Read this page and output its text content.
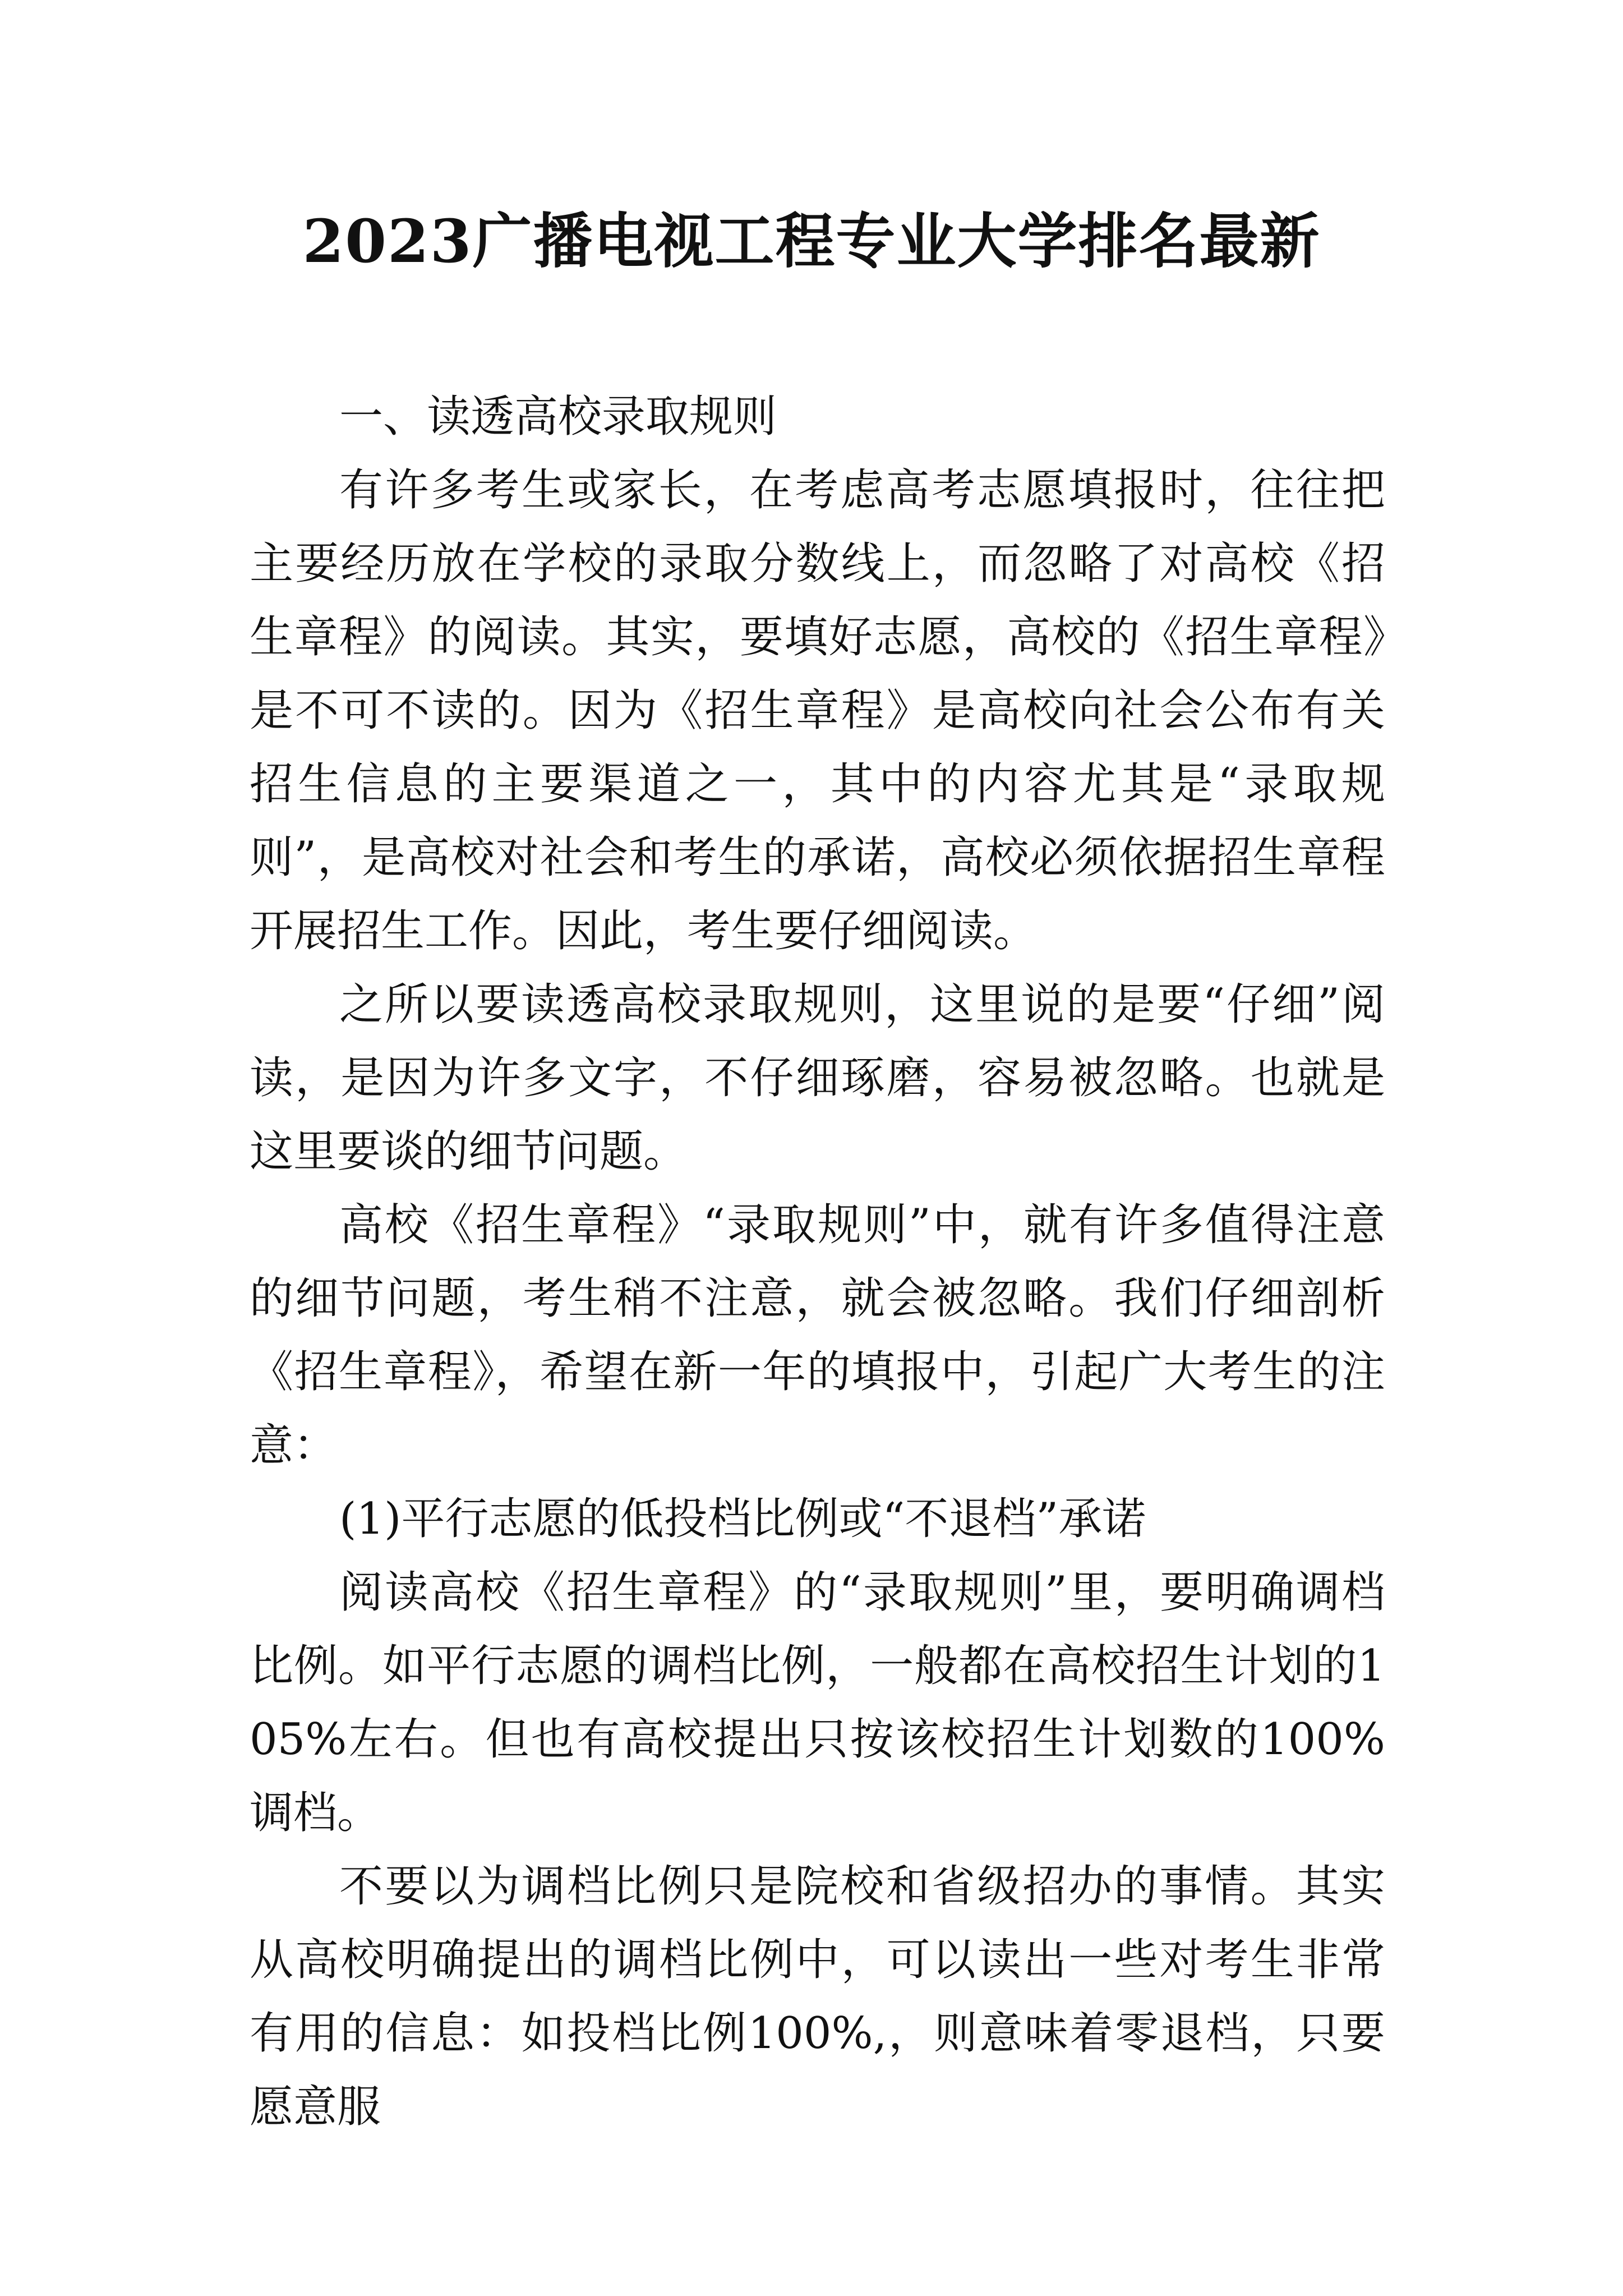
2023广播电视工程专业大学排名最新

一、读透高校录取规则

有许多考生或家长，在考虑高考志愿填报时，往往把主要经历放在学校的录取分数线上，而忽略了对高校《招生章程》的阅读。其实，要填好志愿，高校的《招生章程》是不可不读的。因为《招生章程》是高校向社会公布有关招生信息的主要渠道之一，其中的内容尤其是“录取规则”，是高校对社会和考生的承诺，高校必须依据招生章程开展招生工作。因此，考生要仔细阅读。

之所以要读透高校录取规则，这里说的是要“仔细”阅读，是因为许多文字，不仔细琢磨，容易被忽略。也就是这里要谈的细节问题。

高校《招生章程》“录取规则”中，就有许多值得注意的细节问题，考生稍不注意，就会被忽略。我们仔细剖析《招生章程》，希望在新一年的填报中，引起广大考生的注意：

(1)平行志愿的低投档比例或“不退档”承诺

阅读高校《招生章程》的“录取规则”里，要明确调档比例。如平行志愿的调档比例，一般都在高校招生计划的105%左右。但也有高校提出只按该校招生计划数的100%调档。

不要以为调档比例只是院校和省级招办的事情。其实从高校明确提出的调档比例中，可以读出一些对考生非常有用的信息：如投档比例100%,，则意味着零退档，只要愿意服
